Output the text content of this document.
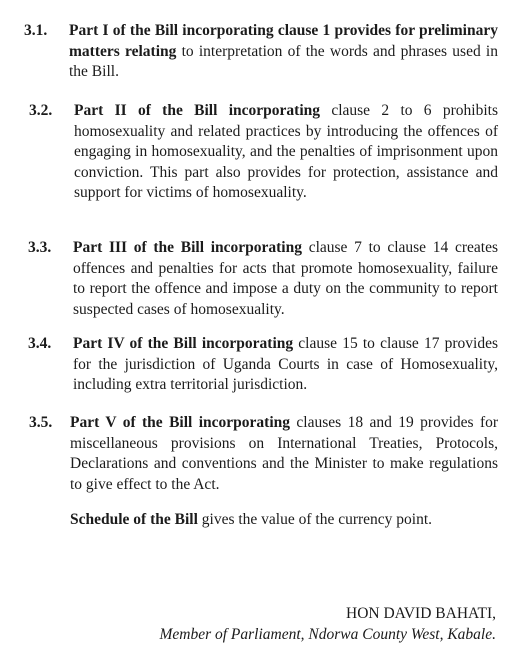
3.1. Part I of the Bill incorporating clause 1 provides for preliminary matters relating to interpretation of the words and phrases used in the Bill.
3.2. Part II of the Bill incorporating clause 2 to 6 prohibits homosexuality and related practices by introducing the offences of engaging in homosexuality, and the penalties of imprisonment upon conviction. This part also provides for protection, assistance and support for victims of homosexuality.
3.3. Part III of the Bill incorporating clause 7 to clause 14 creates offences and penalties for acts that promote homosexuality, failure to report the offence and impose a duty on the community to report suspected cases of homosexuality.
3.4. Part IV of the Bill incorporating clause 15 to clause 17 provides for the jurisdiction of Uganda Courts in case of Homosexuality, including extra territorial jurisdiction.
3.5. Part V of the Bill incorporating clauses 18 and 19 provides for miscellaneous provisions on International Treaties, Protocols, Declarations and conventions and the Minister to make regulations to give effect to the Act.
Schedule of the Bill gives the value of the currency point.
HON DAVID BAHATI,
Member of Parliament, Ndorwa County West, Kabale.
